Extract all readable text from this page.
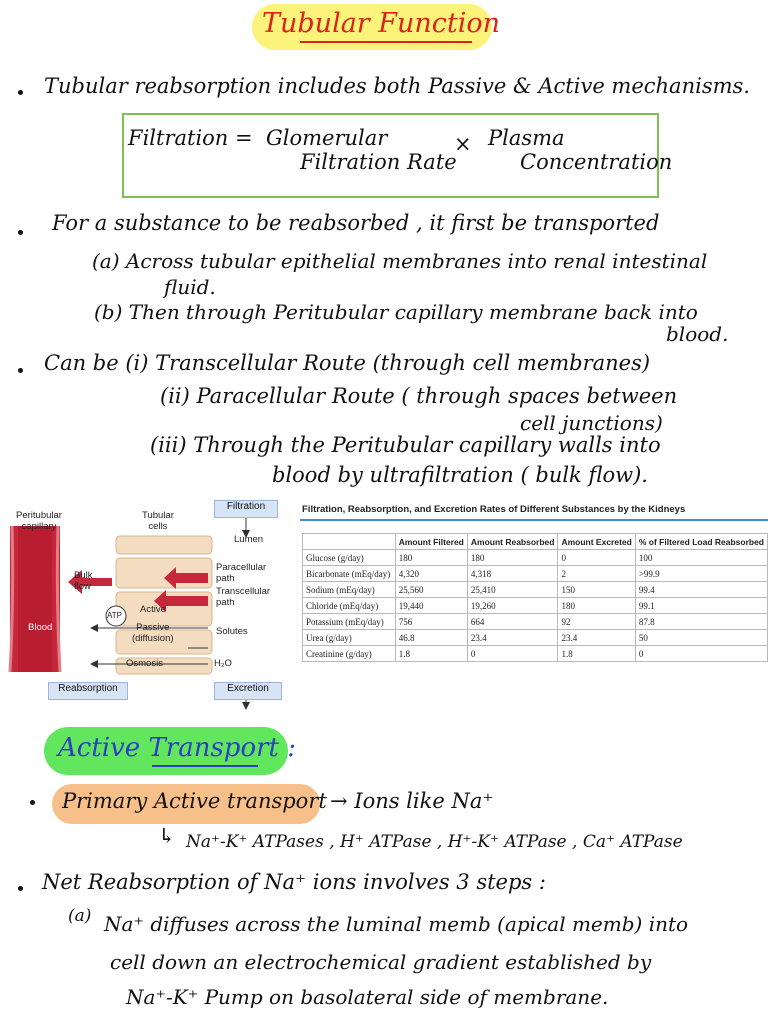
Tubular Function
Tubular reabsorption includes both Passive & Active mechanisms.
Filtration = Glomerular
Filtration Rate
× Plasma
Concentration
For a substance to be reabsorbed , it first be transported
(a) Across tubular epithelial membranes into renal intestinal
fluid.
(b) Then through Peritubular capillary membrane back into
blood.
Can be (i) Transcellular Route (through cell membranes)
(ii) Paracellular Route ( through spaces between
cell junctions)
(iii) Through the Peritubular capillary walls into
blood by ultrafiltration ( bulk flow).
Peritubular
capillary
Tubular
cells
Filtration
Lumen
Paracellular
path
Transcellular
path
Bulk
flow
ATP
Active
Passive
(diffusion)
Solutes
Osmosis	H₂O
Blood
Reabsorption	Excretion
Filtration, Reabsorption, and Excretion Rates of Different Substances by the Kidneys
	Amount Filtered	Amount Reabsorbed	Amount Excreted	% of Filtered Load Reabsorbed
Glucose (g/day)	180	180	0	100
Bicarbonate (mEq/day)	4,320	4,318	2	>99.9
Sodium (mEq/day)	25,560	25,410	150	99.4
Chloride (mEq/day)	19,440	19,260	180	99.1
Potassium (mEq/day)	756	664	92	87.8
Urea (g/day)	46.8	23.4	23.4	50
Creatinine (g/day)	1.8	0	1.8	0
Active Transport :
Primary Active transport → Ions like Na⁺
↳ Na⁺-K⁺ ATPases , H⁺ ATPase , H⁺-K⁺ ATPase , Ca⁺ ATPase
Net Reabsorption of Na⁺ ions involves 3 steps :
(a) Na⁺ diffuses across the luminal memb (apical memb) into
cell down an electrochemical gradient established by
Na⁺-K⁺ Pump on basolateral side of membrane.
